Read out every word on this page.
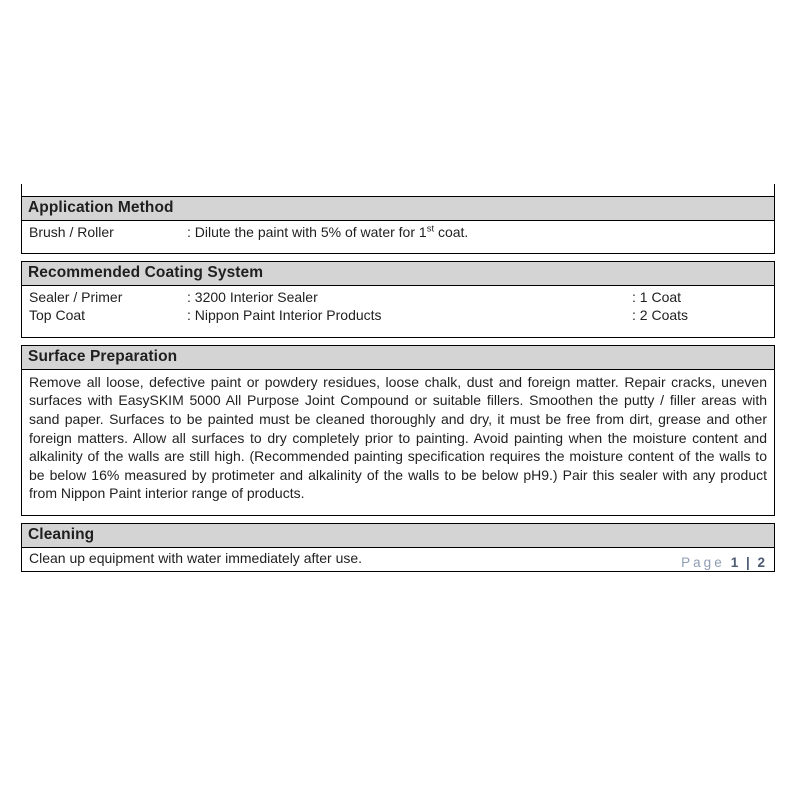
Application Method
Brush / Roller	: Dilute the paint with 5% of water for 1st coat.
Recommended Coating System
Sealer / Primer	: 3200 Interior Sealer	: 1 Coat
Top Coat	: Nippon Paint Interior Products	: 2 Coats
Surface Preparation
Remove all loose, defective paint or powdery residues, loose chalk, dust and foreign matter. Repair cracks, uneven surfaces with EasySKIM 5000 All Purpose Joint Compound or suitable fillers. Smoothen the putty / filler areas with sand paper. Surfaces to be painted must be cleaned thoroughly and dry, it must be free from dirt, grease and other foreign matters. Allow all surfaces to dry completely prior to painting. Avoid painting when the moisture content and alkalinity of the walls are still high. (Recommended painting specification requires the moisture content of the walls to be below 16% measured by protimeter and alkalinity of the walls to be below pH9.) Pair this sealer with any product from Nippon Paint interior range of products.
Cleaning
Clean up equipment with water immediately after use.	Page 1 | 2
